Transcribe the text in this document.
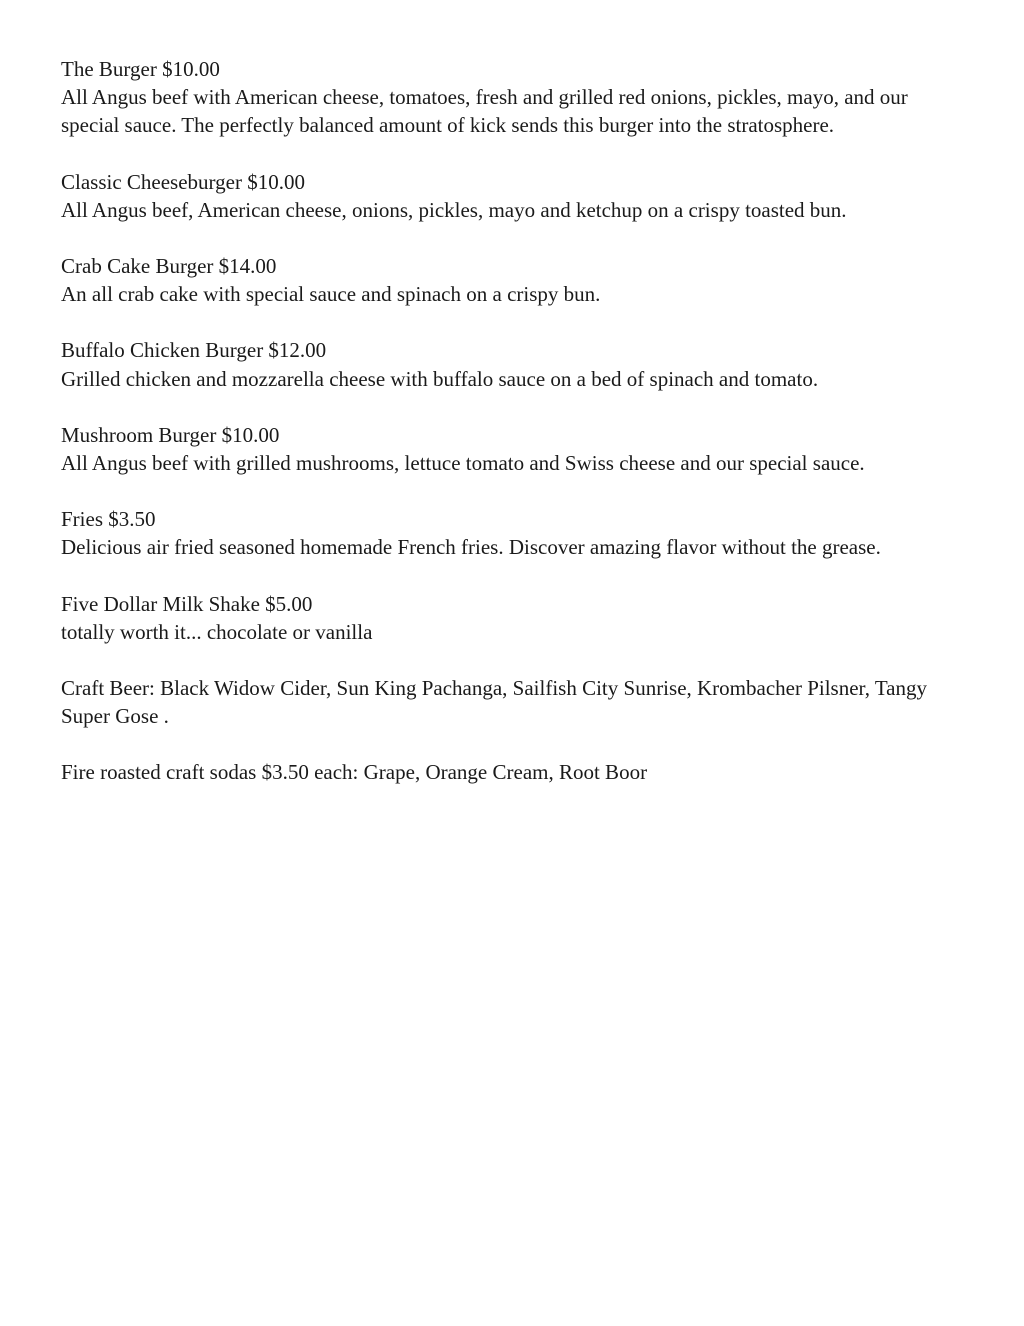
The Burger $10.00

All Angus beef with American cheese, tomatoes, fresh and grilled red onions, pickles, mayo, and our special sauce. The perfectly balanced amount of kick sends this burger into the stratosphere.

Classic Cheeseburger $10.00

All Angus beef, American cheese, onions, pickles, mayo and ketchup on a crispy toasted bun.

Crab Cake Burger $14.00

An all crab cake with special sauce and spinach on a crispy bun.

Buffalo Chicken Burger $12.00

Grilled chicken and mozzarella cheese with buffalo sauce on a bed of spinach and tomato.

Mushroom Burger $10.00

All Angus beef with grilled mushrooms, lettuce tomato and Swiss cheese and our special sauce.

Fries $3.50

Delicious air fried seasoned homemade French fries. Discover amazing flavor without the grease.

Five Dollar Milk Shake $5.00

totally worth it... chocolate or vanilla

Craft Beer: Black Widow Cider, Sun King Pachanga, Sailfish City Sunrise, Krombacher Pilsner, Tangy Super Gose .

Fire roasted craft sodas $3.50 each: Grape, Orange Cream, Root Boor
